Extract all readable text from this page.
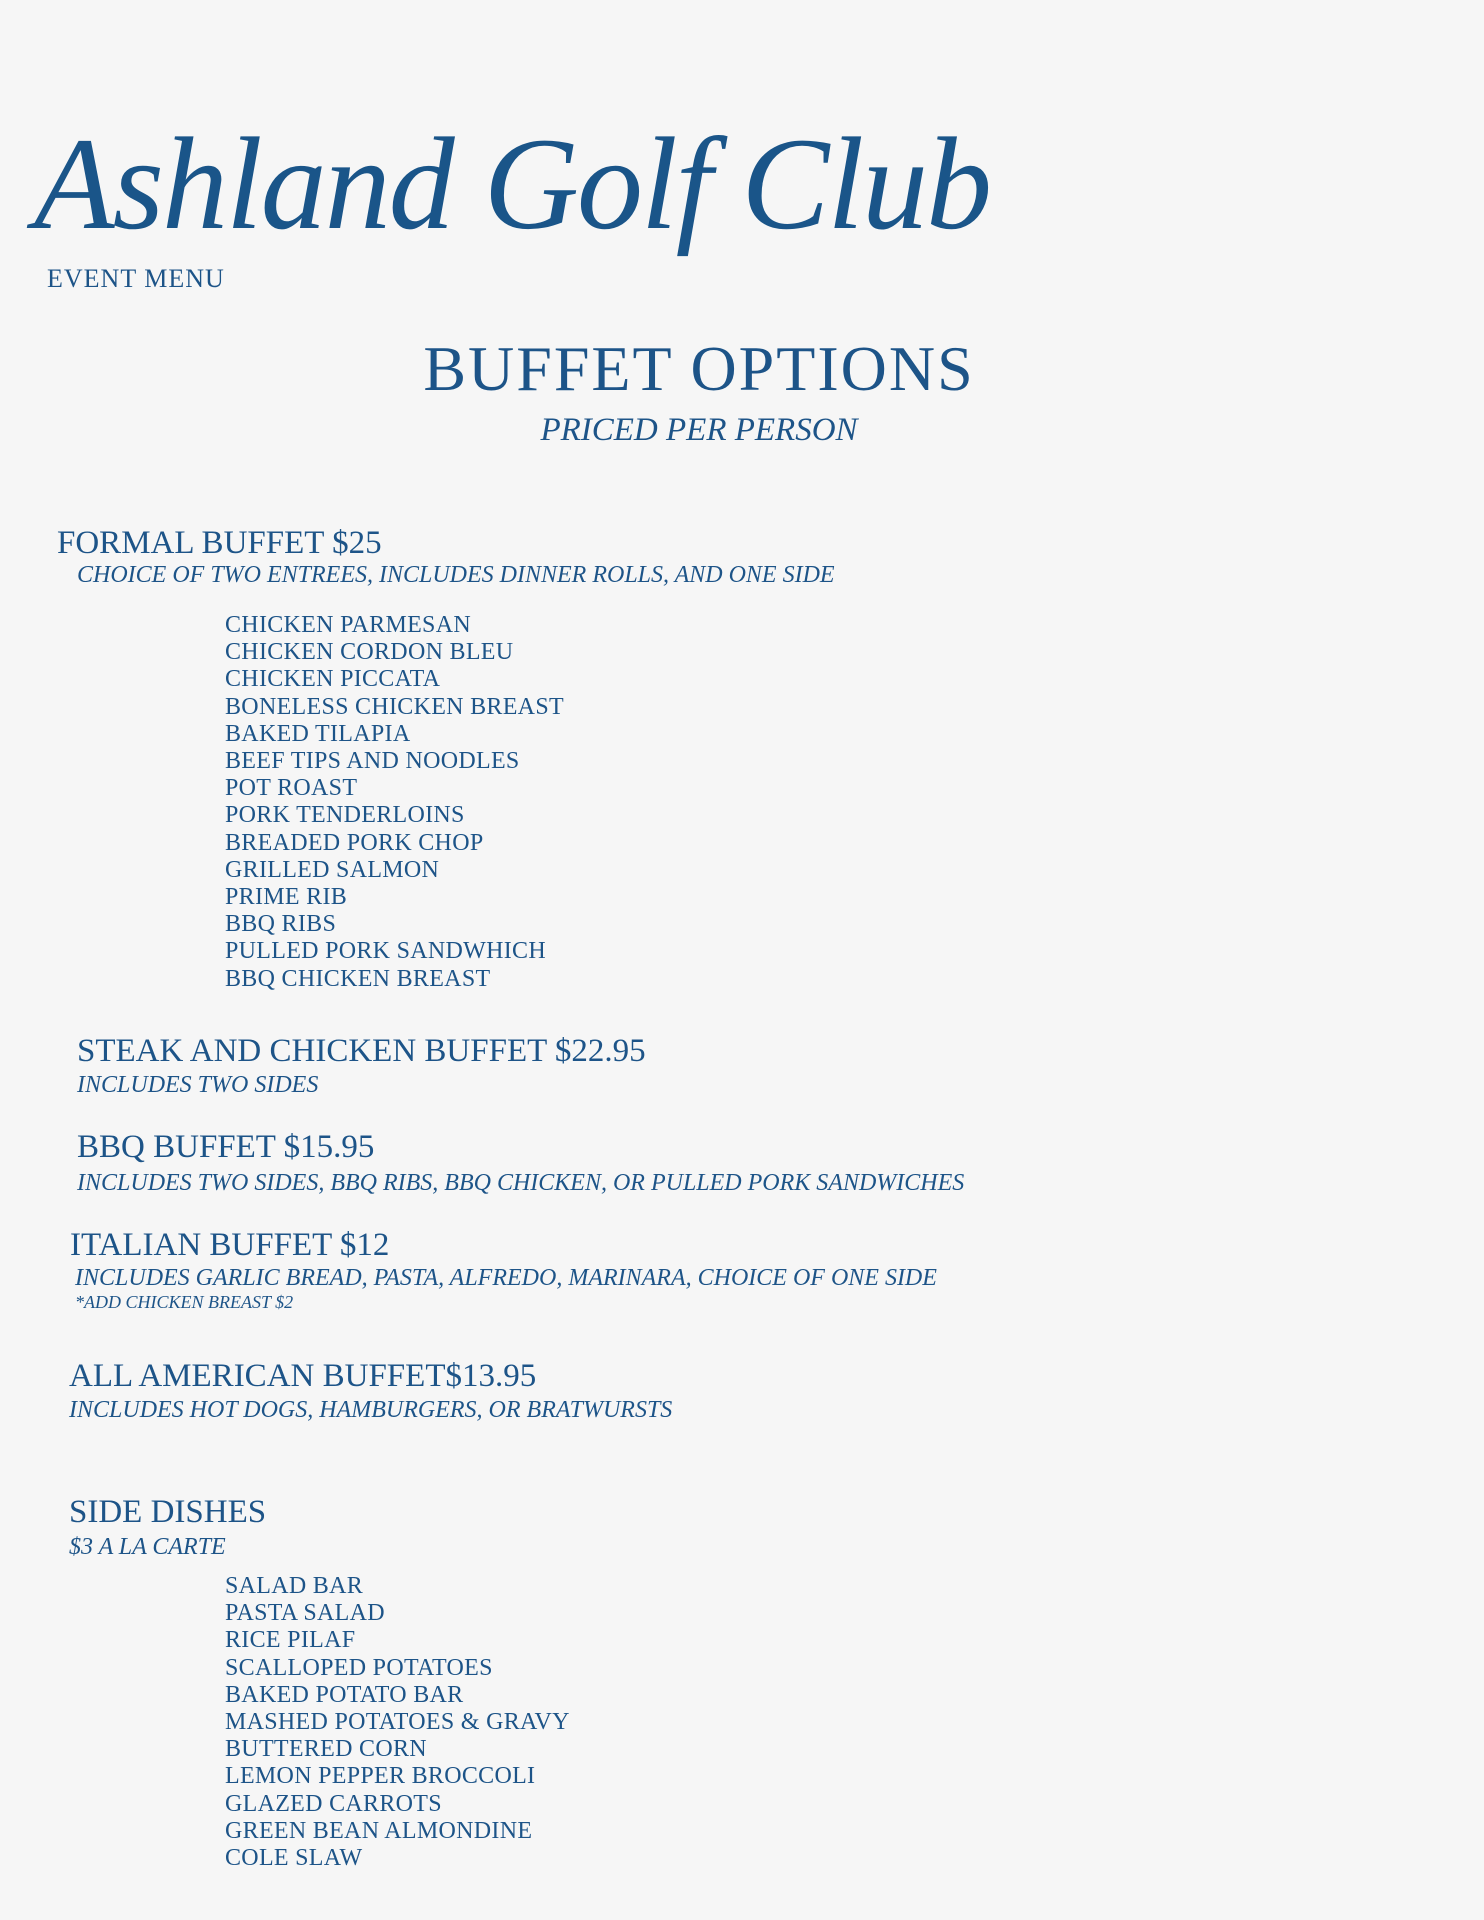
Ashland Golf Club
EVENT MENU
BUFFET OPTIONS
PRICED PER PERSON
FORMAL BUFFET $25
CHOICE OF TWO ENTREES, INCLUDES DINNER ROLLS, AND ONE SIDE
CHICKEN PARMESAN
CHICKEN CORDON BLEU
CHICKEN PICCATA
BONELESS CHICKEN BREAST
BAKED TILAPIA
BEEF TIPS AND NOODLES
POT ROAST
PORK TENDERLOINS
BREADED PORK CHOP
GRILLED SALMON
PRIME RIB
BBQ RIBS
PULLED PORK SANDWHICH
BBQ CHICKEN BREAST
STEAK AND CHICKEN BUFFET $22.95
INCLUDES TWO SIDES
BBQ BUFFET $15.95
INCLUDES TWO SIDES, BBQ RIBS, BBQ CHICKEN, OR PULLED PORK SANDWICHES
ITALIAN BUFFET $12
INCLUDES GARLIC BREAD, PASTA, ALFREDO, MARINARA, CHOICE OF ONE SIDE
*ADD CHICKEN BREAST $2
ALL AMERICAN BUFFET$13.95
INCLUDES HOT DOGS, HAMBURGERS, OR BRATWURSTS
SIDE DISHES
$3 A LA CARTE
SALAD BAR
PASTA SALAD
RICE PILAF
SCALLOPED POTATOES
BAKED POTATO BAR
MASHED POTATOES & GRAVY
BUTTERED CORN
LEMON PEPPER BROCCOLI
GLAZED CARROTS
GREEN BEAN ALMONDINE
COLE SLAW
